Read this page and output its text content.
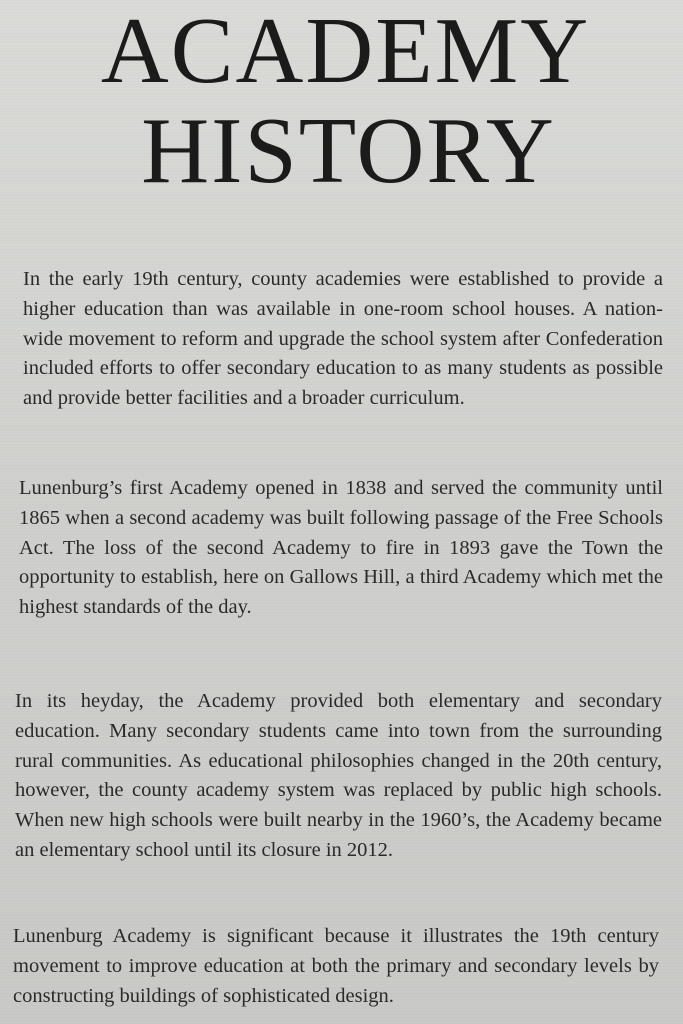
ACADEMY
HISTORY

In the early 19th century, county academies were established to provide a higher education than was available in one-room school houses. A nation-wide movement to reform and upgrade the school system after Confederation included efforts to offer secondary education to as many students as possible and provide better facilities and a broader curriculum.

Lunenburg’s first Academy opened in 1838 and served the community until 1865 when a second academy was built following passage of the Free Schools Act. The loss of the second Academy to fire in 1893 gave the Town the opportunity to establish, here on Gallows Hill, a third Academy which met the highest standards of the day.

In its heyday, the Academy provided both elementary and secondary education. Many secondary students came into town from the surrounding rural communities. As educational philosophies changed in the 20th century, however, the county academy system was replaced by public high schools. When new high schools were built nearby in the 1960’s, the Academy became an elementary school until its closure in 2012.

Lunenburg Academy is significant because it illustrates the 19th century movement to improve education at both the primary and secondary levels by constructing buildings of sophisticated design.
